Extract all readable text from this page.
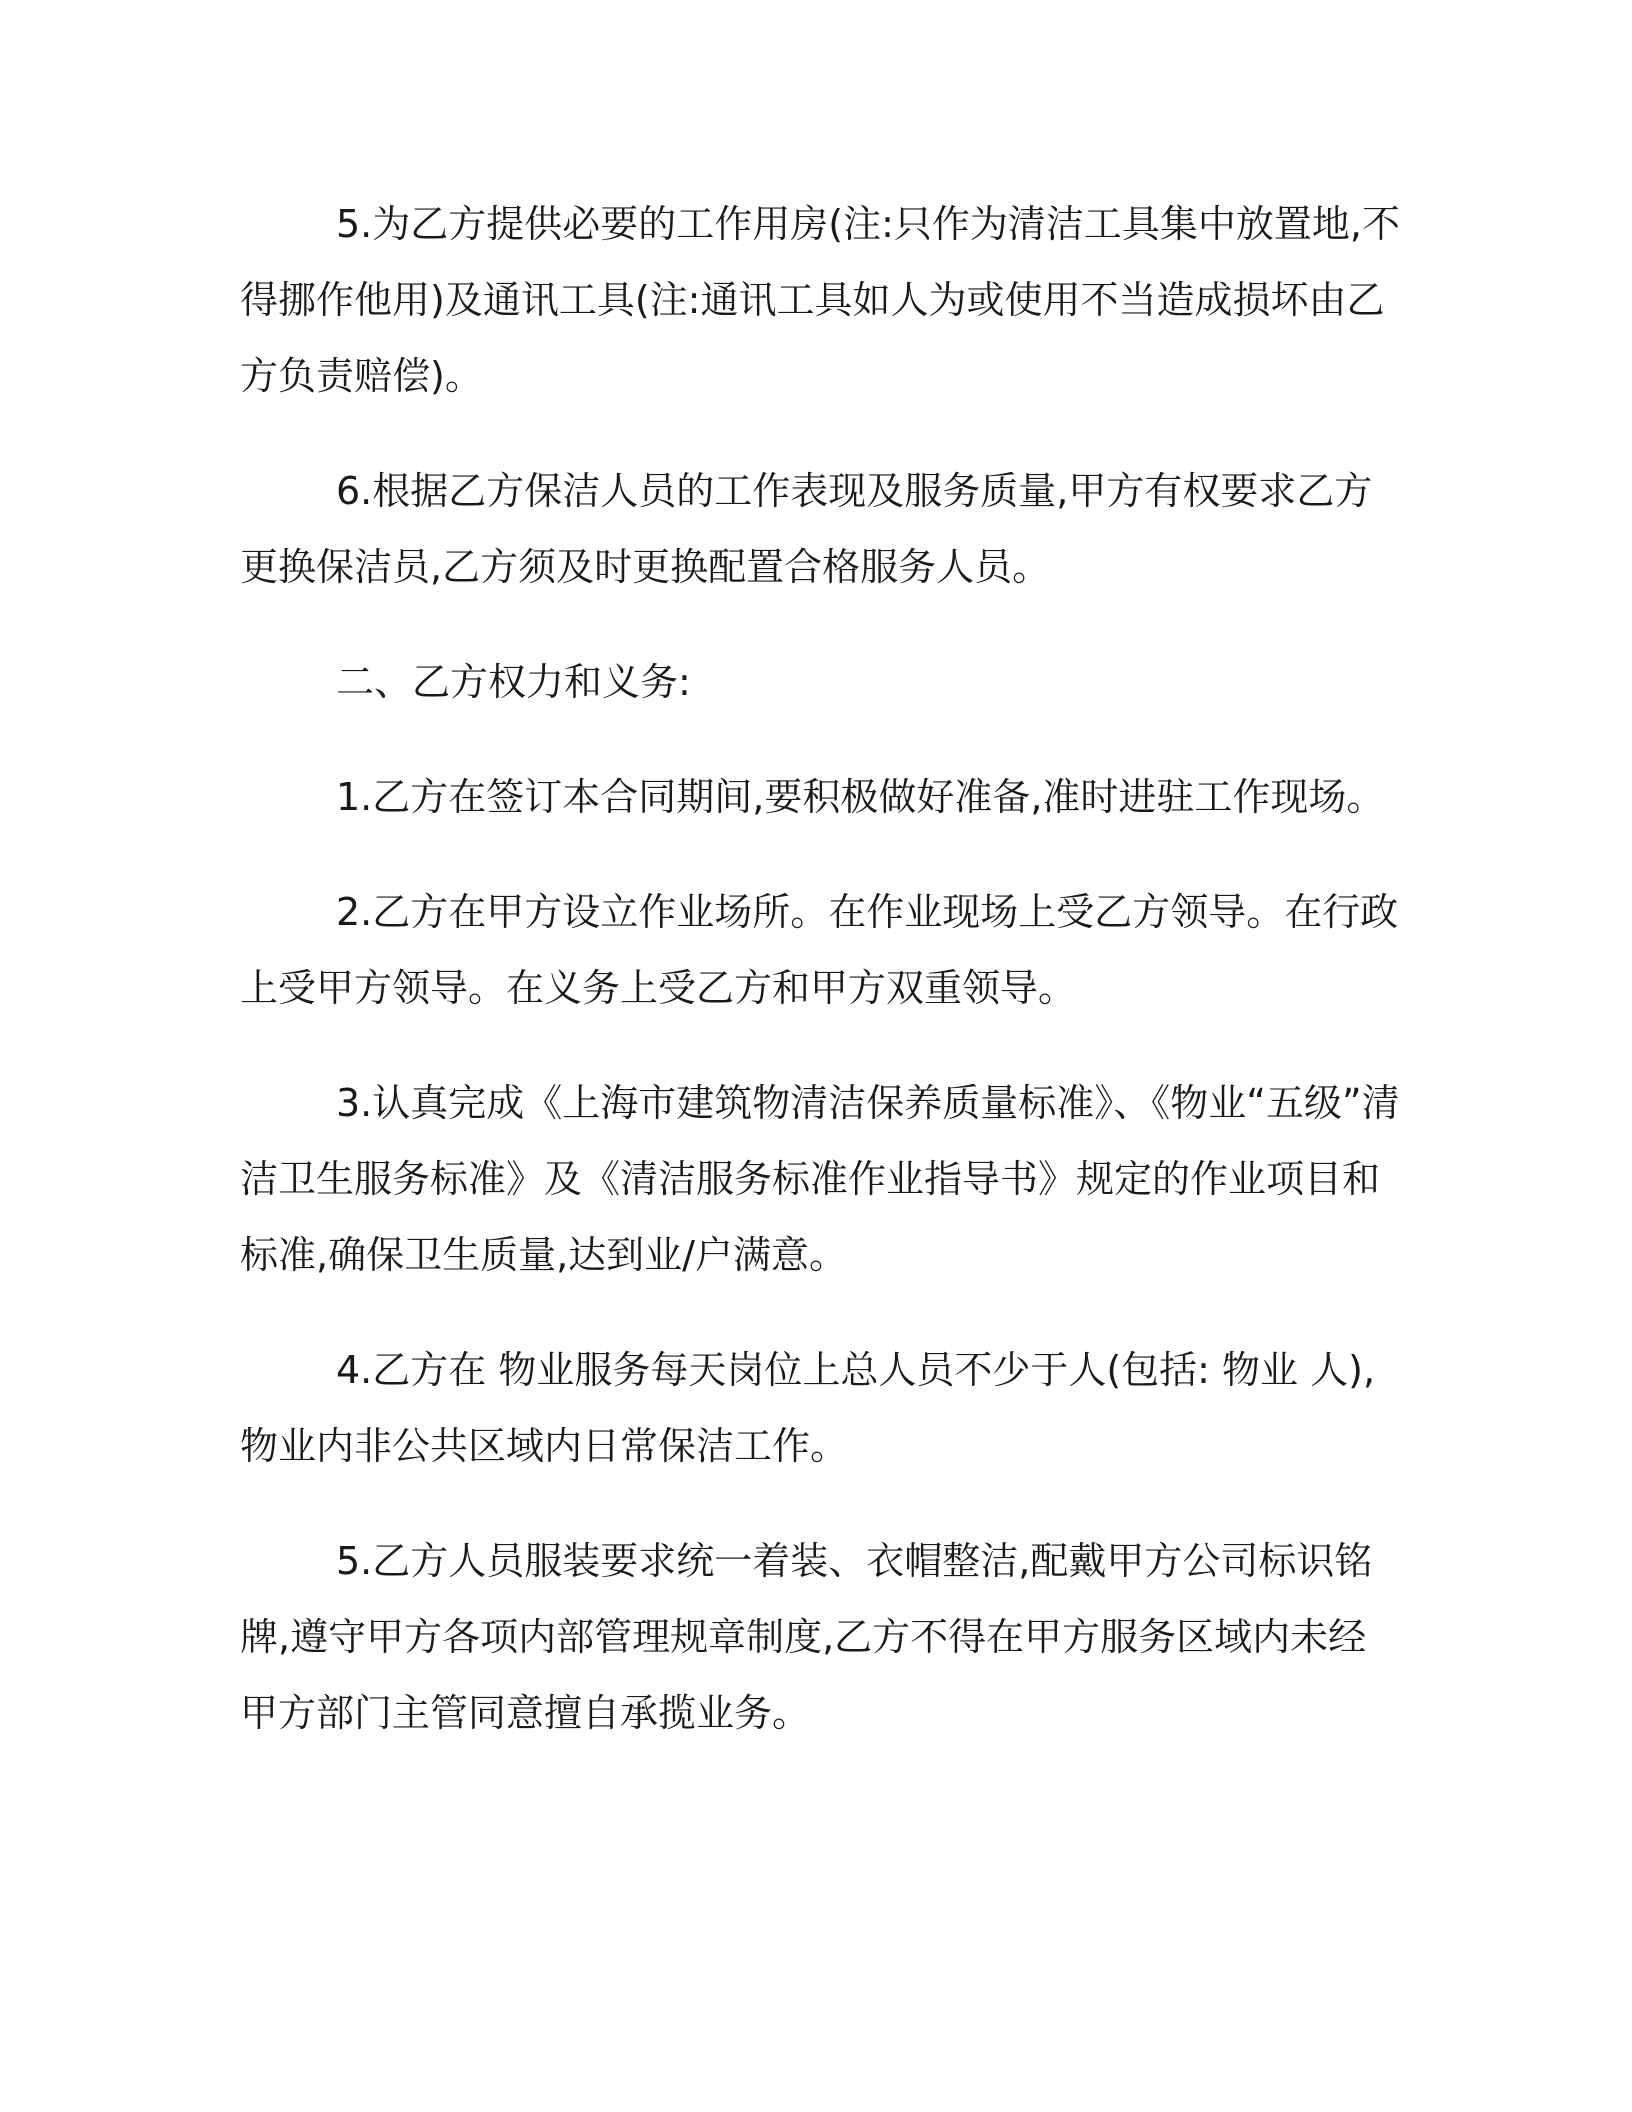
5.为乙方提供必要的工作用房(注:只作为清洁工具集中放置地,不得挪作他用)及通讯工具(注:通讯工具如人为或使用不当造成损坏由乙方负责赔偿)。

6.根据乙方保洁人员的工作表现及服务质量,甲方有权要求乙方更换保洁员,乙方须及时更换配置合格服务人员。

二、乙方权力和义务:

1.乙方在签订本合同期间,要积极做好准备,准时进驻工作现场。

2.乙方在甲方设立作业场所。在作业现场上受乙方领导。在行政上受甲方领导。在义务上受乙方和甲方双重领导。

3.认真完成《上海市建筑物清洁保养质量标准》、《物业“五级”清洁卫生服务标准》及《清洁服务标准作业指导书》规定的作业项目和标准,确保卫生质量,达到业/户满意。

4.乙方在 物业服务每天岗位上总人员不少于人(包括: 物业 人), 物业内非公共区域内日常保洁工作。

5.乙方人员服装要求统一着装、衣帽整洁,配戴甲方公司标识铭牌,遵守甲方各项内部管理规章制度,乙方不得在甲方服务区域内未经甲方部门主管同意擅自承揽业务。
